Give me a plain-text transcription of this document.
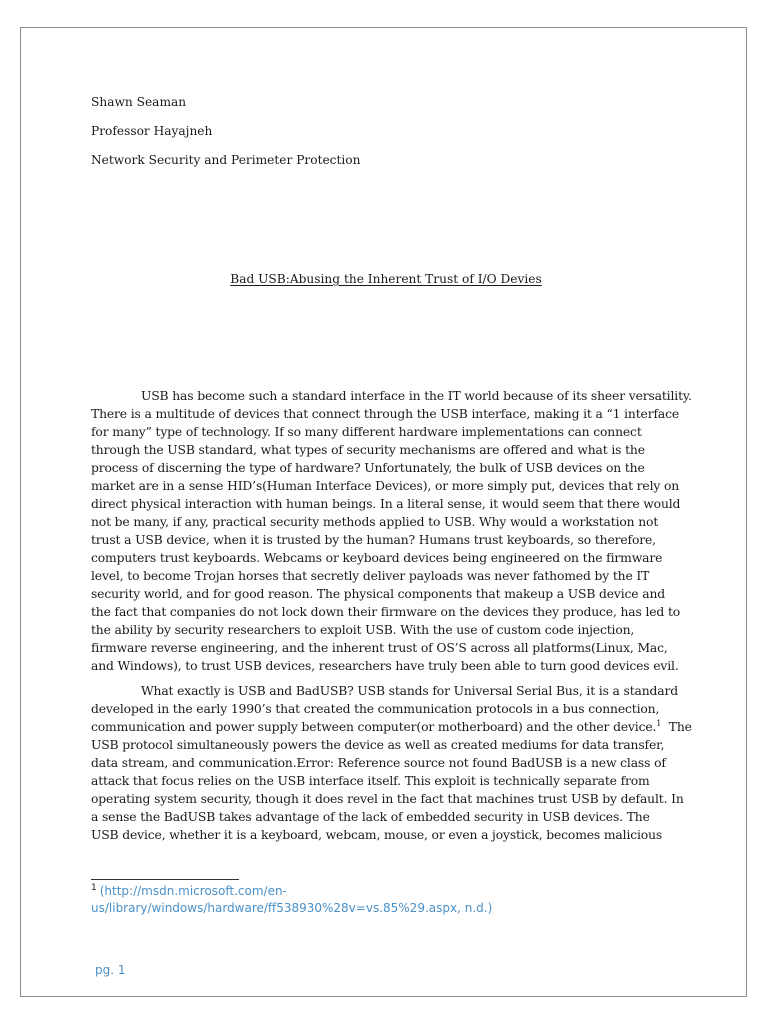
Shawn Seaman
Professor Hayajneh
Network Security and Perimeter Protection
Bad USB:Abusing the Inherent Trust of I/O Devies

USB has become such a standard interface in the IT world because of its sheer versatility.
There is a multitude of devices that connect through the USB interface, making it a “1 interface
for many” type of technology. If so many different hardware implementations can connect
through the USB standard, what types of security mechanisms are offered and what is the
process of discerning the type of hardware? Unfortunately, the bulk of USB devices on the
market are in a sense HID’s(Human Interface Devices), or more simply put, devices that rely on
direct physical interaction with human beings. In a literal sense, it would seem that there would
not be many, if any, practical security methods applied to USB. Why would a workstation not
trust a USB device, when it is trusted by the human? Humans trust keyboards, so therefore,
computers trust keyboards. Webcams or keyboard devices being engineered on the firmware
level, to become Trojan horses that secretly deliver payloads was never fathomed by the IT
security world, and for good reason. The physical components that makeup a USB device and
the fact that companies do not lock down their firmware on the devices they produce, has led to
the ability by security researchers to exploit USB. With the use of custom code injection,
firmware reverse engineering, and the inherent trust of OS’S across all platforms(Linux, Mac,
and Windows), to trust USB devices, researchers have truly been able to turn good devices evil.

What exactly is USB and BadUSB? USB stands for Universal Serial Bus, it is a standard
developed in the early 1990’s that created the communication protocols in a bus connection,
communication and power supply between computer(or motherboard) and the other device.$^1$  The
USB protocol simultaneously powers the device as well as created mediums for data transfer,
data stream, and communication.Error: Reference source not found BadUSB is a new class of
attack that focus relies on the USB interface itself. This exploit is technically separate from
operating system security, though it does revel in the fact that machines trust USB by default. In
a sense the BadUSB takes advantage of the lack of embedded security in USB devices. The
USB device, whether it is a keyboard, webcam, mouse, or even a joystick, becomes malicious

$^1$ (http://msdn.microsoft.com/en-
us/library/windows/hardware/ff538930%28v=vs.85%29.aspx, n.d.)
pg. 1
